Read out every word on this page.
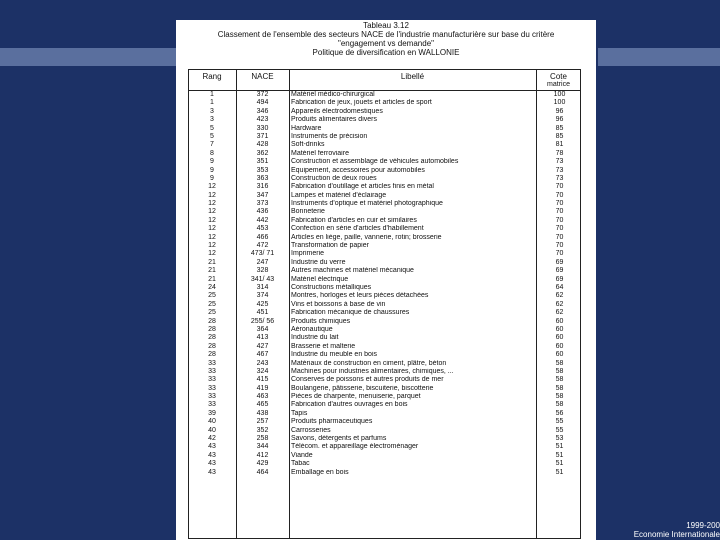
Tableau 3.12
Classement de l'ensemble des secteurs NACE de l'industrie manufacturière sur base du critère
"engagement vs demande"
Politique de diversification en WALLONIE
Rang	NACE	Libellé	Cote
matrice
1	372	Matériel médico-chirurgical	100
1	494	Fabrication de jeux, jouets et articles de sport	100
3	346	Appareils électrodomestiques	96
3	423	Produits alimentaires divers	96
5	330	Hardware	85
5	371	Instruments de précision	85
7	428	Soft-drinks	81
8	362	Matériel ferroviaire	78
9	351	Construction et assemblage de véhicules automobiles	73
9	353	Equipement, accessoires pour automobiles	73
9	363	Construction de deux roues	73
12	316	Fabrication d'outillage et articles finis en métal	70
12	347	Lampes et matériel d'éclairage	70
12	373	Instruments d'optique et matériel photographique	70
12	436	Bonneterie	70
12	442	Fabrication d'articles en cuir et similaires	70
12	453	Confection en série d'articles d'habillement	70
12	466	Articles en liège, paille, vannerie, rotin; brosserie	70
12	472	Transformation de papier	70
12	473/ 71	Imprimerie	70
21	247	Industrie du verre	69
21	328	Autres machines et matériel mécanique	69
21	341/ 43	Matériel électrique	69
24	314	Constructions métalliques	64
25	374	Montres, horloges et leurs pièces détachées	62
25	425	Vins et boissons à base de vin	62
25	451	Fabrication mécanique de chaussures	62
28	255/ 56	Produits chimiques	60
28	364	Aéronautique	60
28	413	Industrie du lait	60
28	427	Brasserie et malterie	60
28	467	Industrie du meuble en bois	60
33	243	Matériaux de construction en ciment, plâtre, béton	58
33	324	Machines pour industries alimentaires, chimiques, ...	58
33	415	Conserves de poissons et autres produits de mer	58
33	419	Boulangerie, pâtisserie, biscuiterie, biscotterie	58
33	463	Pièces de charpente, menuiserie, parquet	58
33	465	Fabrication d'autres ouvrages en bois	58
39	438	Tapis	56
40	257	Produits pharmaceutiques	55
40	352	Carrosseries	55
42	258	Savons, détergents et parfums	53
43	344	Télécom. et appareillage électroménager	51
43	412	Viande	51
43	429	Tabac	51
43	464	Emballage en bois	51
1999-200
Economie Internationale
